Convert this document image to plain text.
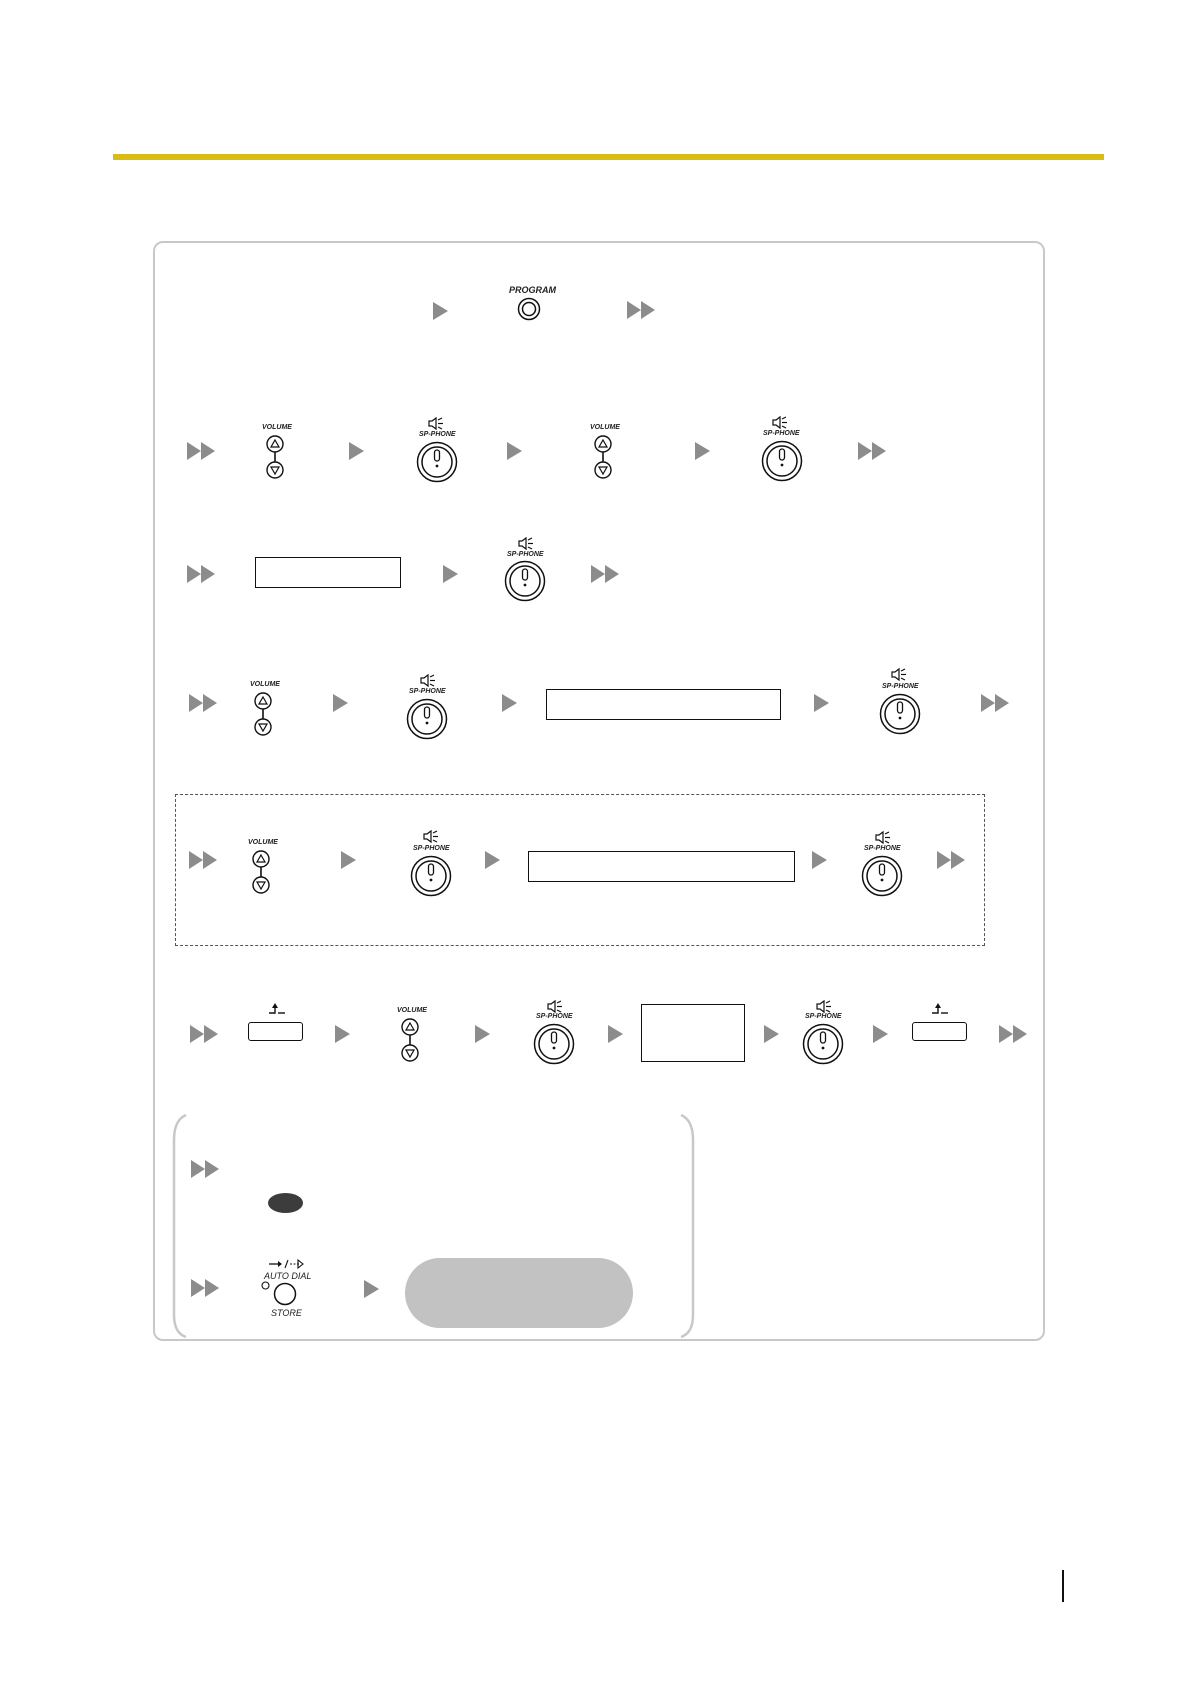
PROGRAM
VOLUME
SP-PHONE
VOLUME
SP-PHONE
SP-PHONE
VOLUME
SP-PHONE
SP-PHONE
VOLUME
SP-PHONE	SP-PHONE
VOLUME
SP-PHONE	SP-PHONE
AUTO DIAL
STORE
